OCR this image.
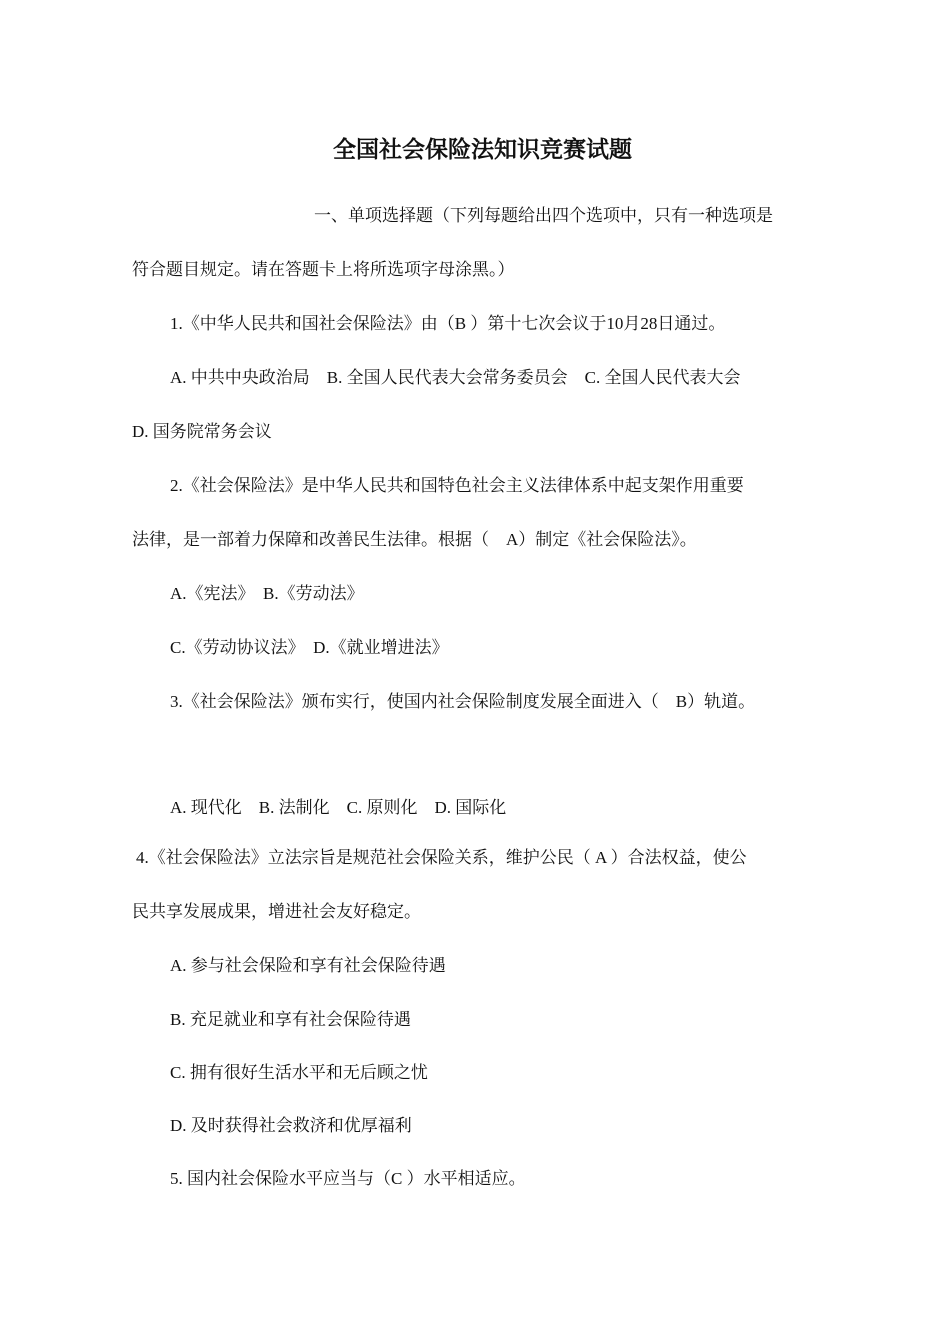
全国社会保险法知识竞赛试题
一、单项选择题（下列每题给出四个选项中，只有一种选项是
符合题目规定。请在答题卡上将所选项字母涂黑。）
1.《中华人民共和国社会保险法》由（B ）第十七次会议于10月28日通过。
A. 中共中央政治局　B. 全国人民代表大会常务委员会　C. 全国人民代表大会
D. 国务院常务会议
2.《社会保险法》是中华人民共和国特色社会主义法律体系中起支架作用重要
法律，是一部着力保障和改善民生法律。根据（　A）制定《社会保险法》。
A.《宪法》　B.《劳动法》
C.《劳动协议法》　D.《就业增进法》
3.《社会保险法》颁布实行，使国内社会保险制度发展全面进入（　B）轨道。
A. 现代化　B. 法制化　C. 原则化　D. 国际化
4.《社会保险法》立法宗旨是规范社会保险关系，维护公民（ A ）合法权益，使公
民共享发展成果，增进社会友好稳定。
A. 参与社会保险和享有社会保险待遇
B. 充足就业和享有社会保险待遇
C. 拥有很好生活水平和无后顾之忧
D. 及时获得社会救济和优厚福利
5. 国内社会保险水平应当与（C ）水平相适应。
